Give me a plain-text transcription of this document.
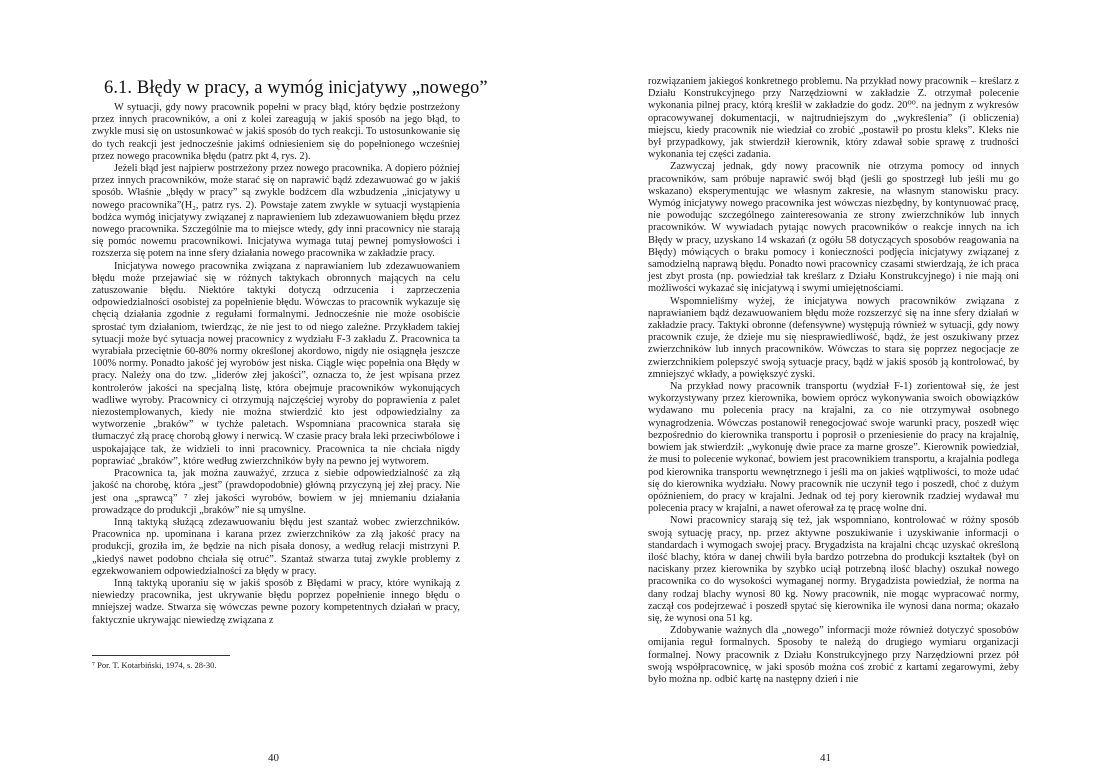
6.1. Błędy w pracy, a wymóg inicjatywy „nowego”

W sytuacji, gdy nowy pracownik popełni w pracy błąd, który będzie postrzeżony przez innych pracowników, a oni z kolei zareagują w jakiś sposób na jego błąd, to zwykle musi się on ustosunkować w jakiś sposób do tych reakcji. To ustosunkowanie się do tych reakcji jest jednocześnie jakimś odniesieniem się do popełnionego wcześniej przez nowego pracownika błędu (patrz pkt 4, rys. 2).

Jeżeli błąd jest najpierw postrzeżony przez nowego pracownika. A dopiero później przez innych pracowników, może starać się on naprawić bądź zdezawuować go w jakiś sposób. Właśnie „błędy w pracy” są zwykle bodźcem dla wzbudzenia „inicjatywy u nowego pracownika”(H₂, patrz rys. 2). Powstaje zatem zwykle w sytuacji wystąpienia bodźca wymóg inicjatywy związanej z naprawieniem lub zdezawuowaniem błędu przez nowego pracownika. Szczególnie ma to miejsce wtedy, gdy inni pracownicy nie starają się pomóc nowemu pracownikowi. Inicjatywa wymaga tutaj pewnej pomysłowości i rozszerza się potem na inne sfery działania nowego pracownika w zakładzie pracy.

Inicjatywa nowego pracownika związana z naprawianiem lub zdezawuowaniem błędu może przejawiać się w różnych taktykach obronnych mających na celu zatuszowanie błędu. Niektóre taktyki dotyczą odrzucenia i zaprzeczenia odpowiedzialności osobistej za popełnienie błędu. Wówczas to pracownik wykazuje się chęcią działania zgodnie z regułami formalnymi. Jednocześnie nie może osobiście sprostać tym działaniom, twierdząc, że nie jest to od niego zależne. Przykładem takiej sytuacji może być sytuacja nowej pracownicy z wydziału F-3 zakładu Z. Pracownica ta wyrabiała przeciętnie 60-80% normy określonej akordowo, nigdy nie osiągnęła jeszcze 100% normy. Ponadto jakość jej wyrobów jest niska. Ciągle więc popełnia ona Błędy w pracy. Należy ona do tzw. „liderów złej jakości”, oznacza to, że jest wpisana przez kontrolerów jakości na specjalną listę, która obejmuje pracowników wykonujących wadliwe wyroby. Pracownicy ci otrzymują najczęściej wyroby do poprawienia z palet niezostemplowanych, kiedy nie można stwierdzić kto jest odpowiedzialny za wytworzenie „braków” w tychże paletach. Wspomniana pracownica starała się tłumaczyć złą pracę chorobą głowy i nerwicą. W czasie pracy brała leki przeciwbólowe i uspokajające tak, że widzieli to inni pracownicy. Pracownica ta nie chciała nigdy poprawiać „braków”, które według zwierzchników były na pewno jej wytworem.

Pracownica ta, jak można zauważyć, zrzuca z siebie odpowiedzialność za złą jakość na chorobę, która „jest” (prawdopodobnie) główną przyczyną jej złej pracy. Nie jest ona „sprawcą” ⁷ złej jakości wyrobów, bowiem w jej mniemaniu działania prowadzące do produkcji „braków” nie są umyślne.

Inną taktyką służącą zdezawuowaniu błędu jest szantaż wobec zwierzchników. Pracownica np. upominana i karana przez zwierzchników za złą jakość pracy na produkcji, groziła im, że będzie na nich pisała donosy, a według relacji mistrzyni P. „kiedyś nawet podobno chciała się otruć”. Szantaż stwarza tutaj zwykle problemy z egzekwowaniem odpowiedzialności za błędy w pracy.

Inną taktyką uporaniu się w jakiś sposób z Błędami w pracy, które wynikają z niewiedzy pracownika, jest ukrywanie błędu poprzez popełnienie innego błędu o mniejszej wadze. Stwarza się wówczas pewne pozory kompetentnych działań w pracy, faktycznie ukrywając niewiedzę związana z

⁷ Por. T. Kotarbiński, 1974, s. 28-30.
40

rozwiązaniem jakiegoś konkretnego problemu. Na przykład nowy pracownik – kreślarz z Działu Konstrukcyjnego przy Narzędziowni w zakładzie Z. otrzymał polecenie wykonania pilnej pracy, którą kreślił w zakładzie do godz. 20⁰⁰. na jednym z wykresów opracowywanej dokumentacji, w najtrudniejszym do „wykreślenia” (i obliczenia) miejscu, kiedy pracownik nie wiedział co zrobić „postawił po prostu kleks”. Kleks nie był przypadkowy, jak stwierdził kierownik, który zdawał sobie sprawę z trudności wykonania tej części zadania.

Zazwyczaj jednak, gdy nowy pracownik nie otrzyma pomocy od innych pracowników, sam próbuje naprawić swój błąd (jeśli go spostrzegł lub jeśli mu go wskazano) eksperymentując we własnym zakresie, na własnym stanowisku pracy. Wymóg inicjatywy nowego pracownika jest wówczas niezbędny, by kontynuować pracę, nie powodując szczególnego zainteresowania ze strony zwierzchników lub innych pracowników. W wywiadach pytając nowych pracowników o reakcje innych na ich Błędy w pracy, uzyskano 14 wskazań (z ogółu 58 dotyczących sposobów reagowania na Błędy) mówiących o braku pomocy i konieczności podjęcia inicjatywy związanej z samodzielną naprawą błędu. Ponadto nowi pracownicy czasami stwierdzają, że ich praca jest zbyt prosta (np. powiedział tak kreślarz z Działu Konstrukcyjnego) i nie mają oni możliwości wykazać się inicjatywą i swymi umiejętnościami.

Wspomnieliśmy wyżej, że inicjatywa nowych pracowników związana z naprawianiem bądź dezawuowaniem błędu może rozszerzyć się na inne sfery działań w zakładzie pracy. Taktyki obronne (defensywne) występują również w sytuacji, gdy nowy pracownik czuje, że dzieje mu się niesprawiedliwość, bądź, że jest oszukiwany przez zwierzchników lub innych pracowników. Wówczas to stara się poprzez negocjacje ze zwierzchnikiem polepszyć swoją sytuacje pracy, bądź w jakiś sposób ją kontrolować, by zmniejszyć wkłady, a powiększyć zyski.

Na przykład nowy pracownik transportu (wydział F-1) zorientował się, że jest wykorzystywany przez kierownika, bowiem oprócz wykonywania swoich obowiązków wydawano mu polecenia pracy na krajalni, za co nie otrzymywał osobnego wynagrodzenia. Wówczas postanowił renegocjować swoje warunki pracy, poszedł więc bezpośrednio do kierownika transportu i poprosił o przeniesienie do pracy na krajalnię, bowiem jak stwierdził: „wykonuję dwie prace za marne grosze”. Kierownik powiedział, że musi to polecenie wykonać, bowiem jest pracownikiem transportu, a krajalnia podlega pod kierownika transportu wewnętrznego i jeśli ma on jakieś wątpliwości, to może udać się do kierownika wydziału. Nowy pracownik nie uczynił tego i poszedł, choć z dużym opóźnieniem, do pracy w krajalni. Jednak od tej pory kierownik rzadziej wydawał mu polecenia pracy w krajalni, a nawet oferował za tę pracę wolne dni.

Nowi pracownicy starają się też, jak wspomniano, kontrolować w różny sposób swoją sytuację pracy, np. przez aktywne poszukiwanie i uzyskiwanie informacji o standardach i wymogach swojej pracy. Brygadzista na krajalni chcąc uzyskać określoną ilość blachy, która w danej chwili była bardzo potrzebna do produkcji kształtek (był on naciskany przez kierownika by szybko uciął potrzebną ilość blachy) oszukał nowego pracownika co do wysokości wymaganej normy. Brygadzista powiedział, że norma na dany rodzaj blachy wynosi 80 kg. Nowy pracownik, nie mogąc wypracować normy, zaczął cos podejrzewać i poszedł spytać się kierownika ile wynosi dana norma; okazało się, że wynosi ona 51 kg.

Zdobywanie ważnych dla „nowego” informacji może również dotyczyć sposobów omijania reguł formalnych. Sposoby te należą do drugiego wymiaru organizacji formalnej. Nowy pracownik z Działu Konstrukcyjnego przy Narzędziowni przez pół swoją współpracownicę, w jaki sposób można coś zrobić z kartami zegarowymi, żeby było można np. odbić kartę na następny dzień i nie

41
